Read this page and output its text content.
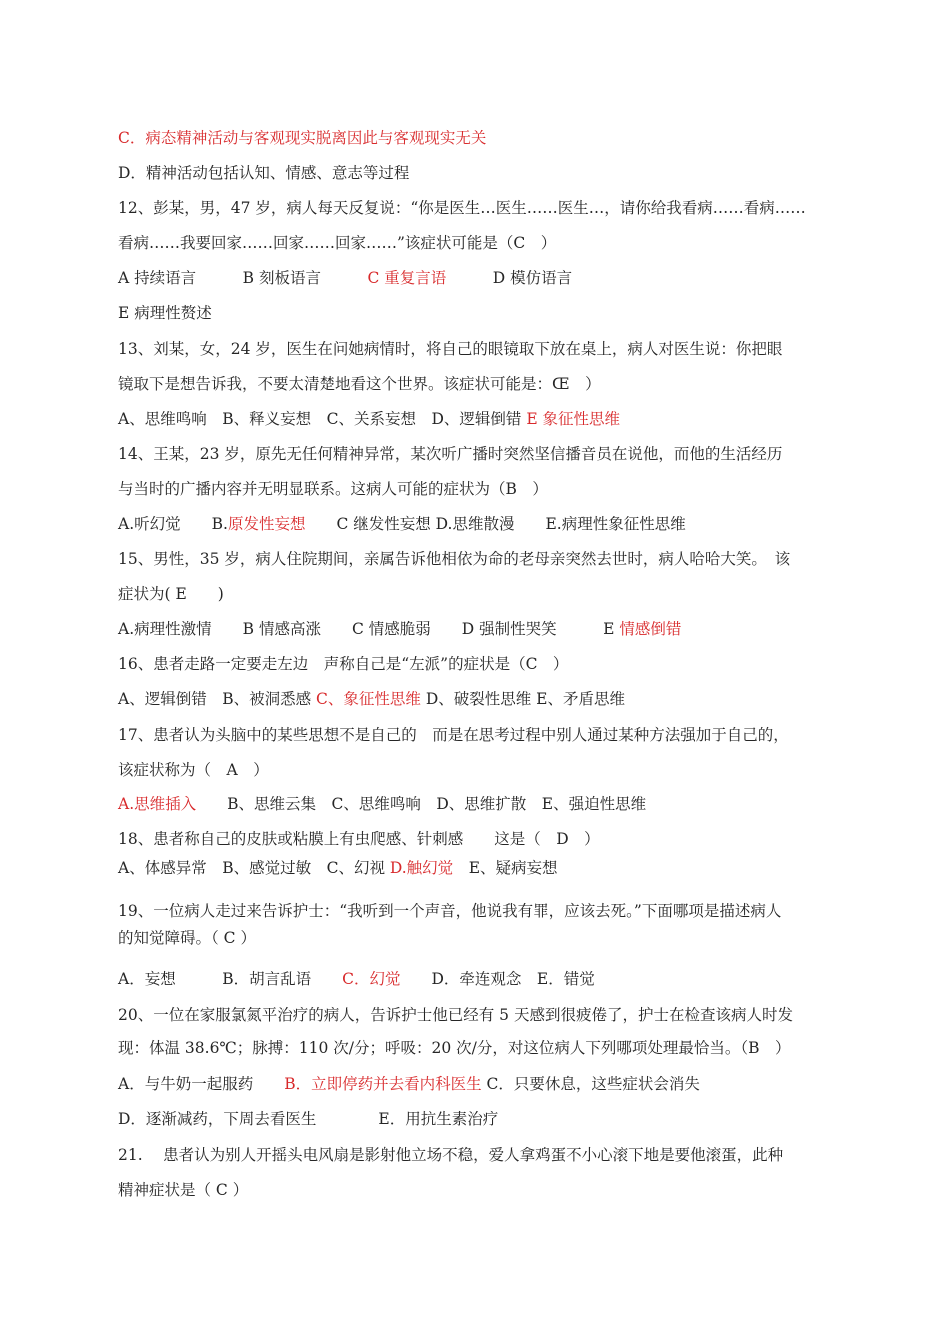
C．病态精神活动与客观现实脱离因此与客观现实无关
D．精神活动包括认知、情感、意志等过程
12、彭某，男，47 岁，病人每天反复说：“你是医生…医生……医生…，请你给我看病……看病……
看病……我要回家……回家……回家……”该症状可能是（C　）
A 持续语言　　　B 刻板语言　　　C 重复言语　　　D 模仿语言
E 病理性赘述
13、刘某，女，24 岁，医生在问她病情时，将自己的眼镜取下放在桌上，病人对医生说：你把眼
镜取下是想告诉我，不要太清楚地看这个世界。该症状可能是：Œ　）
A、思维鸣响　B、释义妄想　C、关系妄想　D、逻辑倒错 E 象征性思维
14、王某，23 岁，原先无任何精神异常，某次听广播时突然坚信播音员在说他，而他的生活经历
与当时的广播内容并无明显联系。这病人可能的症状为（B　）
A.听幻觉　　B.原发性妄想　　C 继发性妄想 D.思维散漫　　E.病理性象征性思维
15、男性，35 岁，病人住院期间，亲属告诉他相依为命的老母亲突然去世时，病人哈哈大笑。　该
症状为( E　　)
A.病理性激情　　B 情感高涨　　C 情感脆弱　　D 强制性哭笑　　　E 情感倒错
16、患者走路一定要走左边　声称自己是“左派”的症状是（C　）
A、逻辑倒错　B、被洞悉感 C、象征性思维 D、破裂性思维 E、矛盾思维
17、患者认为头脑中的某些思想不是自己的　而是在思考过程中别人通过某种方法强加于自己的，
该症状称为（　A　）
A.思维插入　　B、思维云集　C、思维鸣响　D、思维扩散　E、强迫性思维
18、患者称自己的皮肤或粘膜上有虫爬感、针刺感　　这是（　D　）
A、体感异常　B、感觉过敏　C、幻视 D.触幻觉　E、疑病妄想
19、一位病人走过来告诉护士：“我听到一个声音，他说我有罪，应该去死。”下面哪项是描述病人
的知觉障碍。（ C ）
A．妄想　　　B．胡言乱语　　C．幻觉　　D．牵连观念　E．错觉
20、一位在家服氯氮平治疗的病人，告诉护士他已经有 5 天感到很疲倦了，护士在检查该病人时发
现：体温 38.6℃；脉搏：110 次/分；呼吸：20 次/分，对这位病人下列哪项处理最恰当。（B　）
A．与牛奶一起服药　　B．立即停药并去看内科医生 C．只要休息，这些症状会消失
D．逐渐减药，下周去看医生　　　　E．用抗生素治疗
21.　 患者认为别人开摇头电风扇是影射他立场不稳，爱人拿鸡蛋不小心滚下地是要他滚蛋，此种
精神症状是（ C ）
